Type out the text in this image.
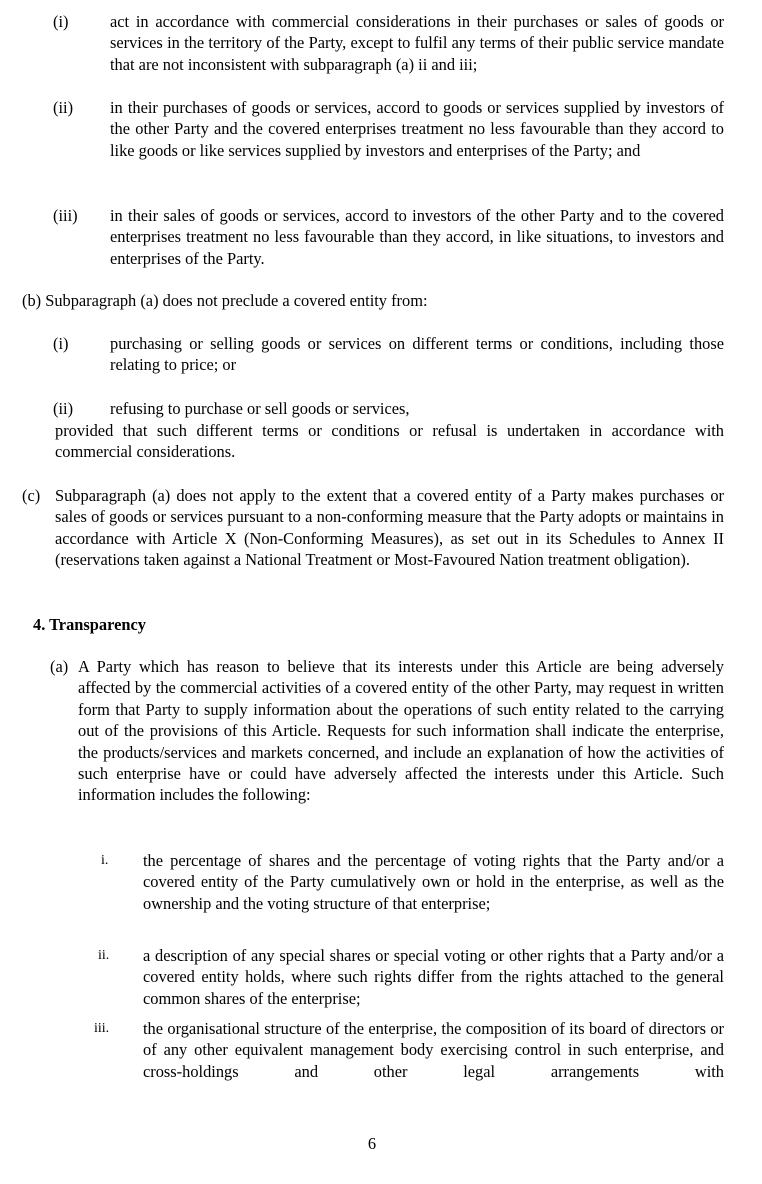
(i)	act in accordance with commercial considerations in their purchases or sales of goods or services in the territory of the Party, except to fulfil any terms of their public service mandate that are not inconsistent with subparagraph (a) ii and iii;
(ii) in their purchases of goods or services, accord to goods or services supplied by investors of the other Party and the covered enterprises treatment no less favourable than they accord to like goods or like services supplied by investors and enterprises of the Party; and
(iii) in their sales of goods or services, accord to investors of the other Party and to the covered enterprises treatment no less favourable than they accord, in like situations, to investors and enterprises of the Party.
(b) Subparagraph (a) does not preclude a covered entity from:
(i)	purchasing or selling goods or services on different terms or conditions, including those relating to price; or
(ii) refusing to purchase or sell goods or services,
provided that such different terms or conditions or refusal is undertaken in accordance with commercial considerations.
(c) Subparagraph (a) does not apply to the extent that a covered entity of a Party makes purchases or sales of goods or services pursuant to a non-conforming measure that the Party adopts or maintains in accordance with Article X (Non-Conforming Measures), as set out in its Schedules to Annex II (reservations taken against a National Treatment or Most-Favoured Nation treatment obligation).
4. Transparency
(a) A Party which has reason to believe that its interests under this Article are being adversely affected by the commercial activities of a covered entity of the other Party, may request in written form that Party to supply information about the operations of such entity related to the carrying out of the provisions of this Article. Requests for such information shall indicate the enterprise, the products/services and markets concerned, and include an explanation of how the activities of such enterprise have or could have adversely affected the interests under this Article. Such information includes the following:
i. the percentage of shares and the percentage of voting rights that the Party and/or a covered entity of the Party cumulatively own or hold in the enterprise, as well as the ownership and the voting structure of that enterprise;
ii. a description of any special shares or special voting or other rights that a Party and/or a covered entity holds, where such rights differ from the rights attached to the general common shares of the enterprise;
iii. the organisational structure of the enterprise, the composition of its board of directors or of any other equivalent management body exercising control in such enterprise, and cross-holdings and other legal arrangements with
6
